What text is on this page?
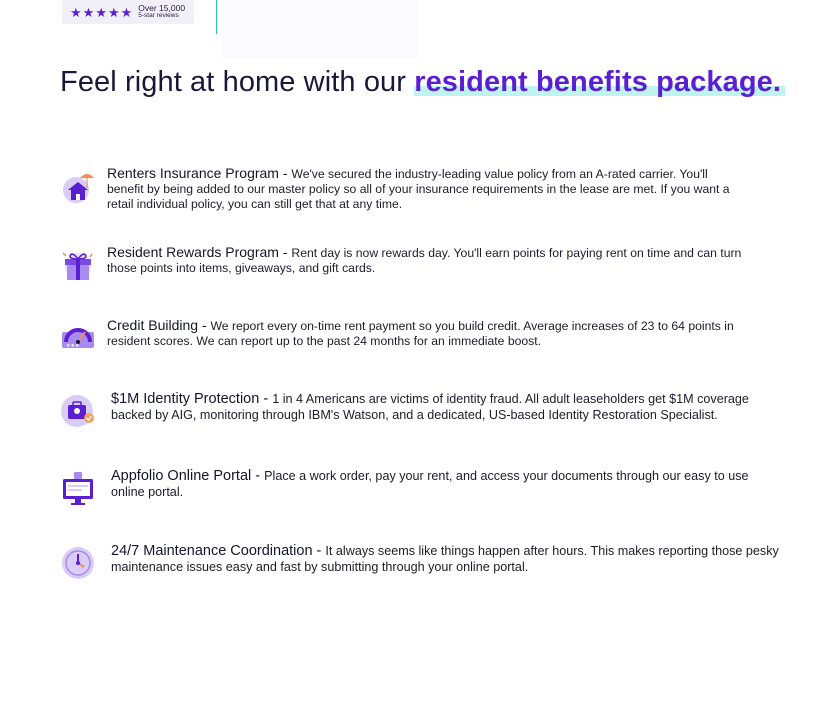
★ ★ ★ ★ ★ Over 15,000
5-star reviews
Feel right at home with our resident benefits package.
Renters Insurance Program - We've secured the industry-leading value policy from an A-rated carrier. You'll benefit by being added to our master policy so all of your insurance requirements in the lease are met. If you want a retail individual policy, you can still get that at any time.
Resident Rewards Program - Rent day is now rewards day. You'll earn points for paying rent on time and can turn those points into items, giveaways, and gift cards.
★★★
Credit Building - We report every on-time rent payment so you build credit. Average increases of 23 to 64 points in resident scores. We can report up to the past 24 months for an immediate boost.
$1M Identity Protection - 1 in 4 Americans are victims of identity fraud. All adult leaseholders get $1M coverage backed by AIG, monitoring through IBM's Watson, and a dedicated, US-based Identity Restoration Specialist.
Appfolio Online Portal - Place a work order, pay your rent, and access your documents through our easy to use online portal.
24/7 Maintenance Coordination - It always seems like things happen after hours. This makes reporting those pesky maintenance issues easy and fast by submitting through your online portal.
